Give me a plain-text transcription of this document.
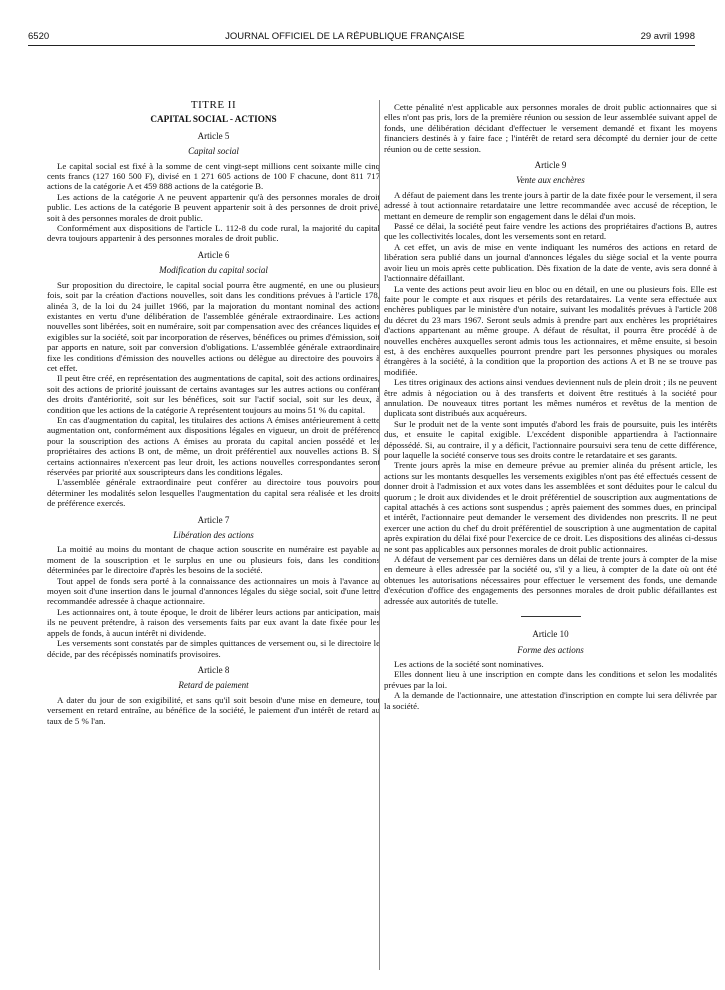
6520	JOURNAL OFFICIEL DE LA RÉPUBLIQUE FRANÇAISE	29 avril 1998
TITRE II
CAPITAL SOCIAL - ACTIONS
Article 5
Capital social

Le capital social est fixé à la somme de cent vingt-sept millions cent soixante mille cinq cents francs (127 160 500 F), divisé en 1 271 605 actions de 100 F chacune, dont 811 717 actions de la catégorie A et 459 888 actions de la catégorie B.

Les actions de la catégorie A ne peuvent appartenir qu'à des personnes morales de droit public. Les actions de la catégorie B peuvent appartenir soit à des personnes de droit privé, soit à des personnes morales de droit public.

Conformément aux dispositions de l'article L. 112-8 du code rural, la majorité du capital devra toujours appartenir à des personnes morales de droit public.

Article 6
Modification du capital social

Sur proposition du directoire, le capital social pourra être augmenté, en une ou plusieurs fois, soit par la création d'actions nouvelles, soit dans les conditions prévues à l'article 178, alinéa 3, de la loi du 24 juillet 1966, par la majoration du montant nominal des actions existantes en vertu d'une délibération de l'assemblée générale extraordinaire. Les actions nouvelles sont libérées, soit en numéraire, soit par compensation avec des créances liquides et exigibles sur la société, soit par incorporation de réserves, bénéfices ou primes d'émission, soit par apports en nature, soit par conversion d'obligations. L'assemblée générale extraordinaire fixe les conditions d'émission des nouvelles actions ou délègue au directoire des pouvoirs à cet effet.

Il peut être créé, en représentation des augmentations de capital, soit des actions ordinaires, soit des actions de priorité jouissant de certains avantages sur les autres actions ou conférant des droits d'antériorité, soit sur les bénéfices, soit sur l'actif social, soit sur les deux, à condition que les actions de la catégorie A représentent toujours au moins 51 % du capital.

En cas d'augmentation du capital, les titulaires des actions A émises antérieurement à cette augmentation ont, conformément aux dispositions légales en vigueur, un droit de préférence pour la souscription des actions A émises au prorata du capital ancien possédé et les propriétaires des actions B ont, de même, un droit préférentiel aux nouvelles actions B. Si certains actionnaires n'exercent pas leur droit, les actions nouvelles correspondantes seront réservées par priorité aux souscripteurs dans les conditions légales.

L'assemblée générale extraordinaire peut conférer au directoire tous pouvoirs pour déterminer les modalités selon lesquelles l'augmentation du capital sera réalisée et les droits de préférence exercés.

Article 7
Libération des actions

La moitié au moins du montant de chaque action souscrite en numéraire est payable au moment de la souscription et le surplus en une ou plusieurs fois, dans les conditions déterminées par le directoire d'après les besoins de la société.

Tout appel de fonds sera porté à la connaissance des actionnaires un mois à l'avance au moyen soit d'une insertion dans le journal d'annonces légales du siège social, soit d'une lettre recommandée adressée à chaque actionnaire.

Les actionnaires ont, à toute époque, le droit de libérer leurs actions par anticipation, mais ils ne peuvent prétendre, à raison des versements faits par eux avant la date fixée pour les appels de fonds, à aucun intérêt ni dividende.

Les versements sont constatés par de simples quittances de versement ou, si le directoire le décide, par des récépissés nominatifs provisoires.

Article 8
Retard de paiement

A dater du jour de son exigibilité, et sans qu'il soit besoin d'une mise en demeure, tout versement en retard entraîne, au bénéfice de la société, le paiement d'un intérêt de retard au taux de 5 % l'an.

Cette pénalité n'est applicable aux personnes morales de droit public actionnaires que si elles n'ont pas pris, lors de la première réunion ou session de leur assemblée suivant appel de fonds, une délibération décidant d'effectuer le versement demandé et fixant les moyens financiers destinés à y faire face ; l'intérêt de retard sera décompté du dernier jour de cette réunion ou de cette session.

Article 9
Vente aux enchères

A défaut de paiement dans les trente jours à partir de la date fixée pour le versement, il sera adressé à tout actionnaire retardataire une lettre recommandée avec accusé de réception, le mettant en demeure de remplir son engagement dans le délai d'un mois.

Passé ce délai, la société peut faire vendre les actions des propriétaires d'actions B, autres que les collectivités locales, dont les versements sont en retard.

A cet effet, un avis de mise en vente indiquant les numéros des actions en retard de libération sera publié dans un journal d'annonces légales du siège social et la vente pourra avoir lieu un mois après cette publication. Dès fixation de la date de vente, avis sera donné à l'actionnaire défaillant.

La vente des actions peut avoir lieu en bloc ou en détail, en une ou plusieurs fois. Elle est faite pour le compte et aux risques et périls des retardataires. La vente sera effectuée aux enchères publiques par le ministère d'un notaire, suivant les modalités prévues à l'article 208 du décret du 23 mars 1967. Seront seuls admis à prendre part aux enchères les propriétaires d'actions appartenant au même groupe. A défaut de résultat, il pourra être procédé à de nouvelles enchères auxquelles seront admis tous les actionnaires, et même ensuite, si besoin est, à des enchères auxquelles pourront prendre part les personnes physiques ou morales étrangères à la société, à la condition que la proportion des actions A et B ne se trouve pas modifiée.

Les titres originaux des actions ainsi vendues deviennent nuls de plein droit ; ils ne peuvent être admis à négociation ou à des transferts et doivent être restitués à la société pour annulation. De nouveaux titres portant les mêmes numéros et revêtus de la mention de duplicata sont distribués aux acquéreurs.

Sur le produit net de la vente sont imputés d'abord les frais de poursuite, puis les intérêts dus, et ensuite le capital exigible. L'excédent disponible appartiendra à l'actionnaire dépossédé. Si, au contraire, il y a déficit, l'actionnaire poursuivi sera tenu de cette différence, pour laquelle la société conserve tous ses droits contre le retardataire et ses garants.

Trente jours après la mise en demeure prévue au premier alinéa du présent article, les actions sur les montants desquelles les versements exigibles n'ont pas été effectués cessent de donner droit à l'admission et aux votes dans les assemblées et sont déduites pour le calcul du quorum ; le droit aux dividendes et le droit préférentiel de souscription aux augmentations de capital attachés à ces actions sont suspendus ; après paiement des sommes dues, en principal et intérêt, l'actionnaire peut demander le versement des dividendes non prescrits. Il ne peut exercer une action du chef du droit préférentiel de souscription à une augmentation de capital après expiration du délai fixé pour l'exercice de ce droit. Les dispositions des alinéas ci-dessus ne sont pas applicables aux personnes morales de droit public actionnaires.

A défaut de versement par ces dernières dans un délai de trente jours à compter de la mise en demeure à elles adressée par la société ou, s'il y a lieu, à compter de la date où ont été obtenues les autorisations nécessaires pour effectuer le versement des fonds, une demande d'exécution d'office des engagements des personnes morales de droit public défaillantes est adressée aux autorités de tutelle.

Article 10
Forme des actions

Les actions de la société sont nominatives.

Elles donnent lieu à une inscription en compte dans les conditions et selon les modalités prévues par la loi.

A la demande de l'actionnaire, une attestation d'inscription en compte lui sera délivrée par la société.
